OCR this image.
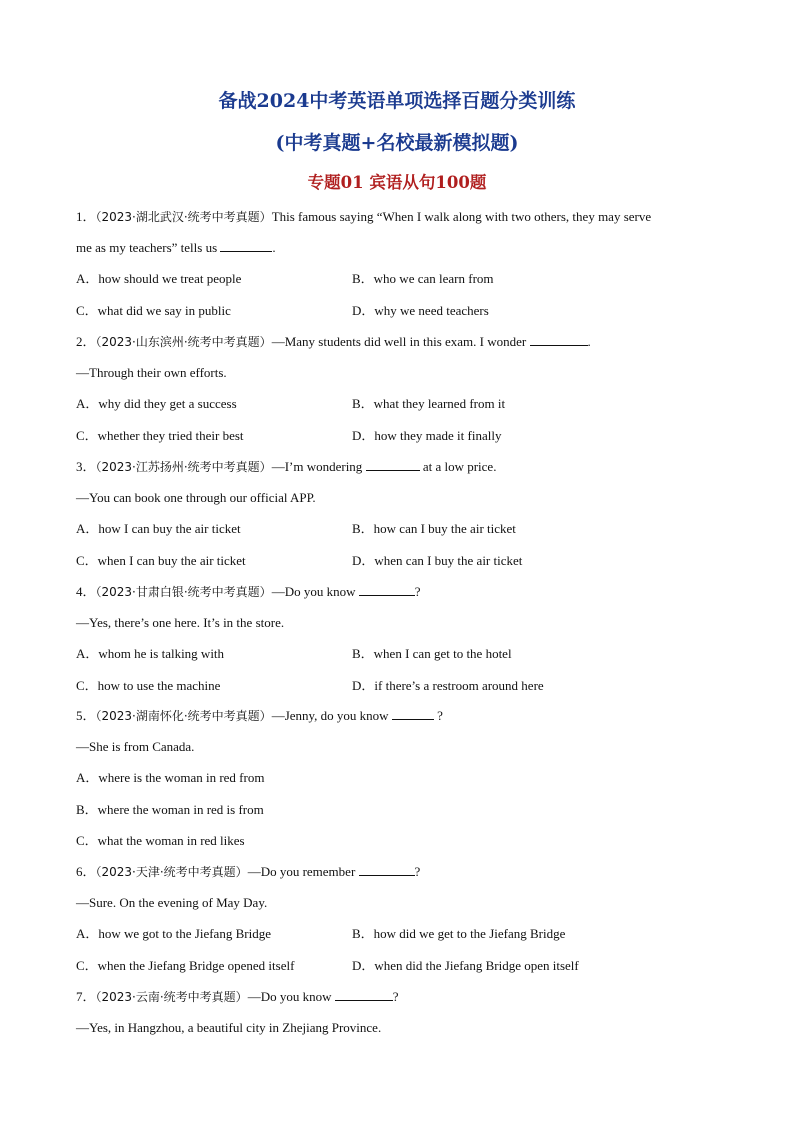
备战2024中考英语单项选择百题分类训练
(中考真题+名校最新模拟题)
专题01 宾语从句100题
1．（2023·湖北武汉·统考中考真题）This famous saying “When I walk along with two others, they may serve
me as my teachers” tells us	.
A．how should we treat people	B．who we can learn from
C．what did we say in public	D．why we need teachers
2．（2023·山东滨州·统考中考真题）—Many students did well in this exam. I wonder	.
—Through their own efforts.
A．why did they get a success	B．what they learned from it
C．whether they tried their best	D．how they made it finally
3．（2023·江苏扬州·统考中考真题）—I’m wondering	at a low price.
—You can book one through our official APP.
A．how I can buy the air ticket	B．how can I buy the air ticket
C．when I can buy the air ticket	D．when can I buy the air ticket
4．（2023·甘肃白银·统考中考真题）—Do you know	?
—Yes, there’s one here. It’s in the store.
A．whom he is talking with	B．when I can get to the hotel
C．how to use the machine	D．if there’s a restroom around here
5．（2023·湖南怀化·统考中考真题）—Jenny, do you know	?
—She is from Canada.
A．where is the woman in red from
B．where the woman in red is from
C．what the woman in red likes
6．（2023·天津·统考中考真题）—Do you remember	?
—Sure. On the evening of May Day.
A．how we got to the Jiefang Bridge	B．how did we get to the Jiefang Bridge
C．when the Jiefang Bridge opened itself	D．when did the Jiefang Bridge open itself
7．（2023·云南·统考中考真题）—Do you know	?
—Yes, in Hangzhou, a beautiful city in Zhejiang Province.
